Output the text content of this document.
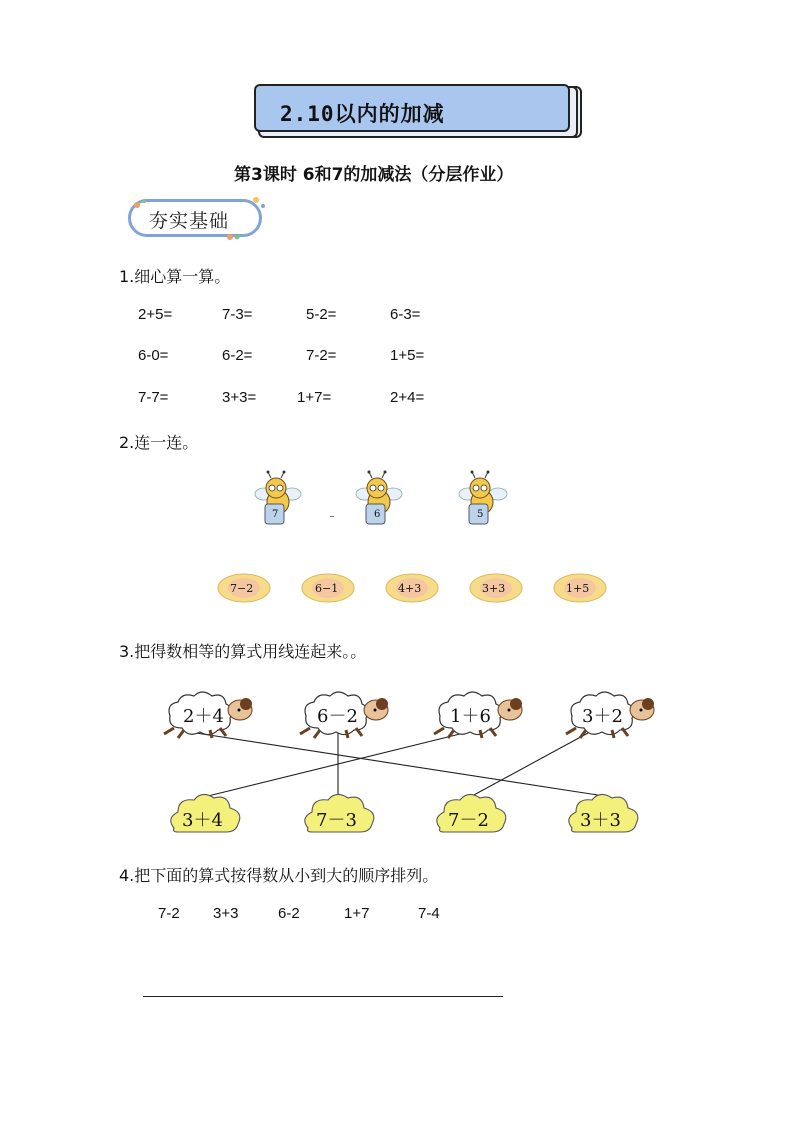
2.10以内的加减
第3课时 6和7的加减法（分层作业）
夯实基础
1.细心算一算。
2+5=	7-3=	5-2=	6-3=
6-0=	6-2=	7-2=	1+5=
7-7=	3+3=	1+7=	2+4=
2.连一连。
7	6	5
7−2	6−1	4+3	3+3	1+5
3.把得数相等的算式用线连起来。。
2＋4	6－2	1＋6	3＋2
3＋4	7－3	7－2	3＋3
4.把下面的算式按得数从小到大的顺序排列。
7-2 3+3	6-2	1+7	7-4
